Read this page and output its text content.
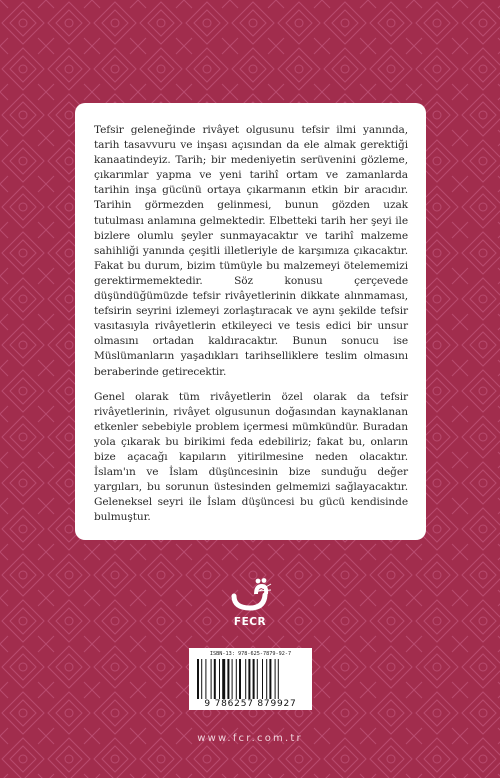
Tefsir geleneğinde rivâyet olgusunu tefsir ilmi yanında, tarih tasavvuru ve inşası açısından da ele almak gerektiği kanaatindeyiz. Tarih; bir medeniyetin serüvenini gözleme, çıkarımlar yapma ve yeni tarihî ortam ve zamanlarda tarihin inşa gücünü ortaya çıkarmanın etkin bir aracıdır. Tarihin görmezden gelinmesi, bunun gözden uzak tutulması anlamına gelmektedir. Elbetteki tarih her şeyi ile bizlere olumlu şeyler sunmayacaktır ve tarihî malzeme sahihliği yanında çeşitli illetleriyle de karşımıza çıkacaktır. Fakat bu durum, bizim tümüyle bu malzemeyi ötelememizi gerektirmemektedir. Söz konusu çerçevede düşündüğümüzde tefsir rivâyetlerinin dikkate alınmaması, tefsirin seyrini izlemeyi zorlaştıracak ve aynı şekilde tefsir vasıtasıyla rivâyetlerin etkileyeci ve tesis edici bir unsur olmasını ortadan kaldıracaktır. Bunun sonucu ise Müslümanların yaşadıkları tarihselliklere teslim olmasını beraberinde getirecektir.

Genel olarak tüm rivâyetlerin özel olarak da tefsir rivâyetlerinin, rivâyet olgusunun doğasından kaynaklanan etkenler sebebiyle problem içermesi mümkündür. Buradan yola çıkarak bu birikimi feda edebiliriz; fakat bu, onların bize açacağı kapıların yitirilmesine neden olacaktır. İslam'ın ve İslam düşüncesinin bize sunduğu değer yargıları, bu sorunun üstesinden gelmemizi sağlayacaktır. Geleneksel seyri ile İslam düşüncesi bu gücü kendisinde bulmuştur.

FECR
ISBN-13: 978-625-7879-92-7
9 786257 879927
www.fcr.com.tr
